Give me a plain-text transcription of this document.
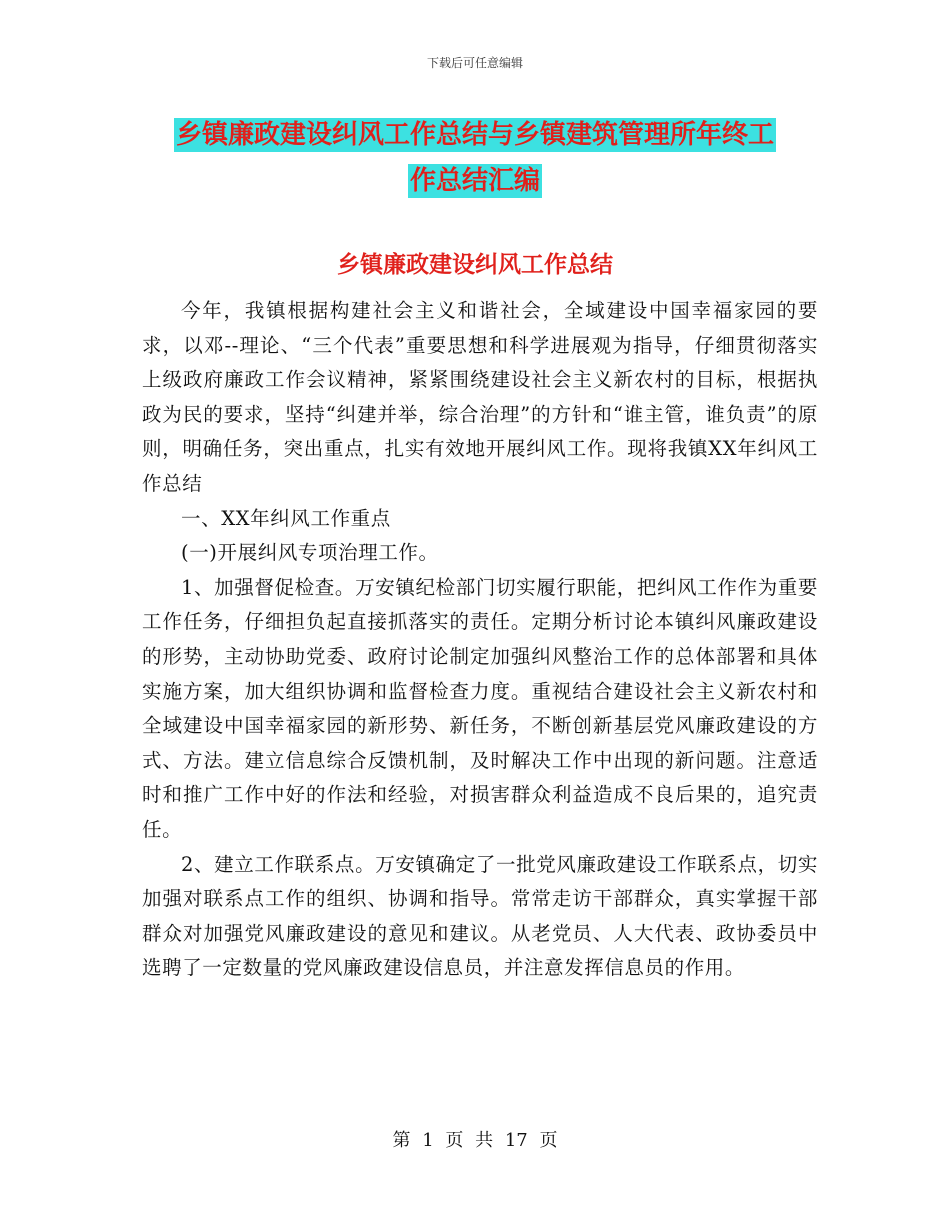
下载后可任意编辑
乡镇廉政建设纠风工作总结与乡镇建筑管理所年终工
作总结汇编
乡镇廉政建设纠风工作总结

今年，我镇根据构建社会主义和谐社会，全域建设中国幸福家园的要求，以邓--理论、“三个代表”重要思想和科学进展观为指导，仔细贯彻落实上级政府廉政工作会议精神，紧紧围绕建设社会主义新农村的目标，根据执政为民的要求，坚持“纠建并举，综合治理”的方针和“谁主管，谁负责”的原则，明确任务，突出重点，扎实有效地开展纠风工作。现将我镇XX年纠风工作总结

一、XX年纠风工作重点

(一)开展纠风专项治理工作。

1、加强督促检查。万安镇纪检部门切实履行职能，把纠风工作作为重要工作任务，仔细担负起直接抓落实的责任。定期分析讨论本镇纠风廉政建设的形势，主动协助党委、政府讨论制定加强纠风整治工作的总体部署和具体实施方案，加大组织协调和监督检查力度。重视结合建设社会主义新农村和全域建设中国幸福家园的新形势、新任务，不断创新基层党风廉政建设的方式、方法。建立信息综合反馈机制，及时解决工作中出现的新问题。注意适时和推广工作中好的作法和经验，对损害群众利益造成不良后果的，追究责任。

2、建立工作联系点。万安镇确定了一批党风廉政建设工作联系点，切实加强对联系点工作的组织、协调和指导。常常走访干部群众，真实掌握干部群众对加强党风廉政建设的意见和建议。从老党员、人大代表、政协委员中选聘了一定数量的党风廉政建设信息员，并注意发挥信息员的作用。

第 1 页 共 17 页
